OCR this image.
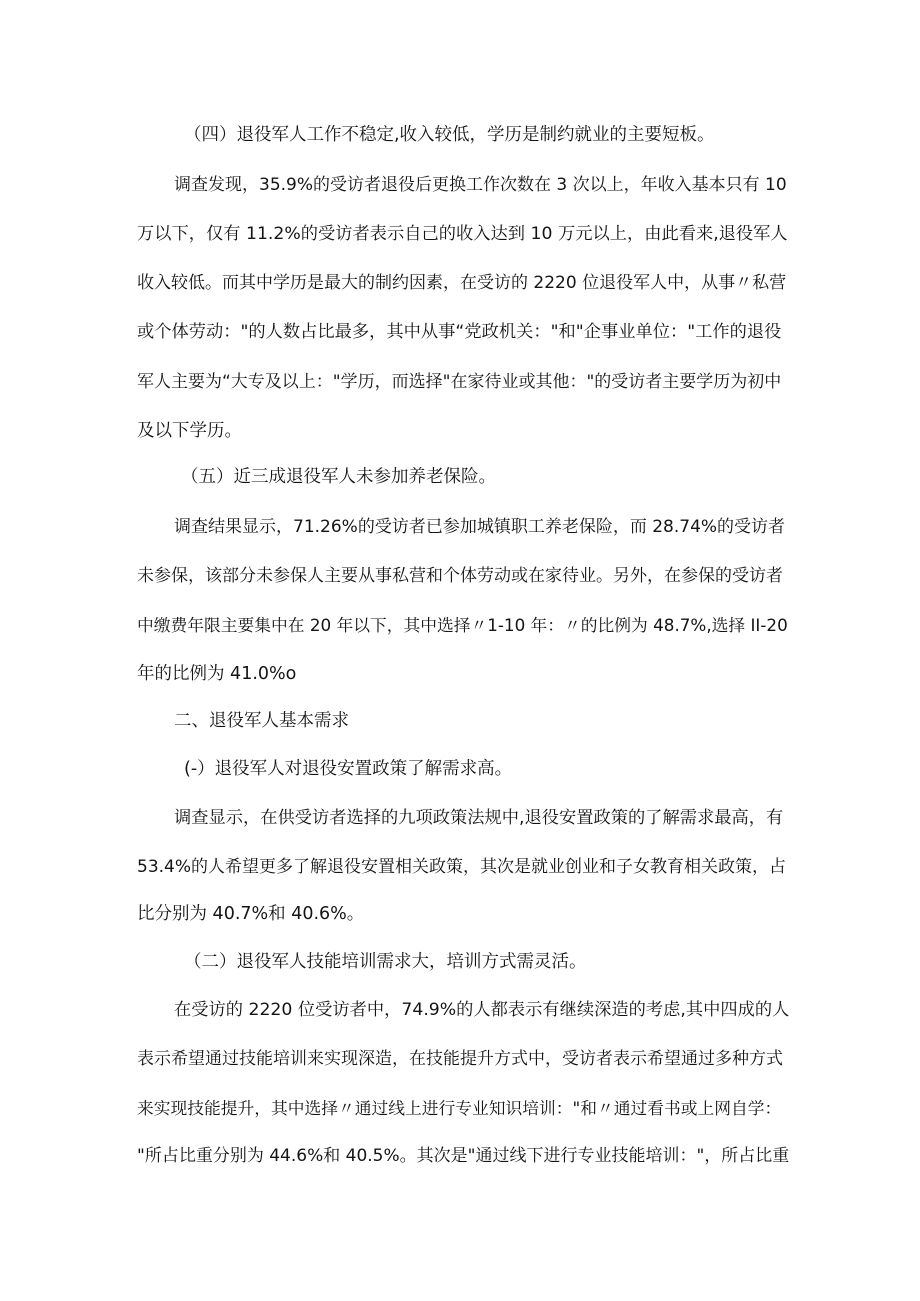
（四）退役军人工作不稳定,收入较低，学历是制约就业的主要短板。
调查发现，35.9%的受访者退役后更换工作次数在 3 次以上，年收入基本只有 10
万以下，仅有 11.2%的受访者表示自己的收入达到 10 万元以上，由此看来,退役军人
收入较低。而其中学历是最大的制约因素，在受访的 2220 位退役军人中，从事〃私营
或个体劳动："的人数占比最多，其中从事“党政机关："和"企事业单位："工作的退役
军人主要为“大专及以上："学历，而选择"在家待业或其他："的受访者主要学历为初中
及以下学历。
（五）近三成退役军人未参加养老保险。
调查结果显示，71.26%的受访者已参加城镇职工养老保险，而 28.74%的受访者
未参保，该部分未参保人主要从事私营和个体劳动或在家待业。另外，在参保的受访者
中缴费年限主要集中在 20 年以下，其中选择〃1-10 年：〃的比例为 48.7%,选择 II-20
年的比例为 41.0%o
二、退役军人基本需求
(-）退役军人对退役安置政策了解需求高。
调查显示，在供受访者选择的九项政策法规中,退役安置政策的了解需求最高，有
53.4%的人希望更多了解退役安置相关政策，其次是就业创业和子女教育相关政策，占
比分别为 40.7%和 40.6%。
（二）退役军人技能培训需求大，培训方式需灵活。
在受访的 2220 位受访者中，74.9%的人都表示有继续深造的考虑,其中四成的人
表示希望通过技能培训来实现深造，在技能提升方式中，受访者表示希望通过多种方式
来实现技能提升，其中选择〃通过线上进行专业知识培训："和〃通过看书或上网自学：
"所占比重分别为 44.6%和 40.5%。其次是"通过线下进行专业技能培训："，所占比重
